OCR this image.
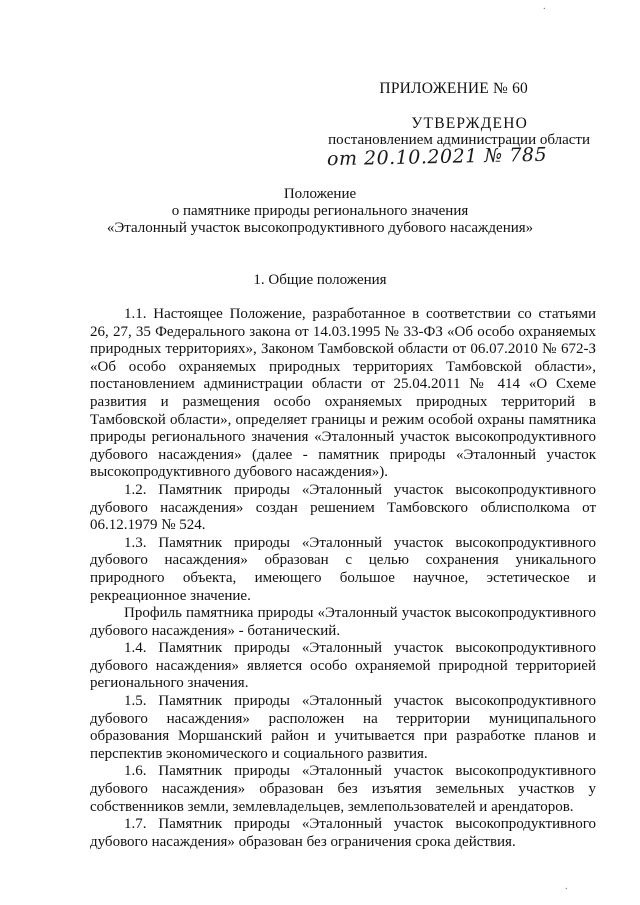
·
ПРИЛОЖЕНИЕ № 60
УТВЕРЖДЕНО
постановлением администрации области
от 20.10.2021 № 785
Положение
о памятнике природы регионального значения
«Эталонный участок высокопродуктивного дубового насаждения»
1. Общие положения

1.1. Настоящее Положение, разработанное в соответствии со статьями 26, 27, 35 Федерального закона от 14.03.1995 № 33-ФЗ «Об особо охраняемых природных территориях», Законом Тамбовской области от 06.07.2010 № 672-З «Об особо охраняемых природных территориях Тамбовской области», постановлением администрации области от 25.04.2011 № 414 «О Схеме развития и размещения особо охраняемых природных территорий в Тамбовской области», определяет границы и режим особой охраны памятника природы регионального значения «Эталонный участок высокопродуктивного дубового насаждения» (далее - памятник природы «Эталонный участок высокопродуктивного дубового насаждения»).

1.2. Памятник природы «Эталонный участок высокопродуктивного дубового насаждения» создан решением Тамбовского облисполкома от 06.12.1979 № 524.

1.3. Памятник природы «Эталонный участок высокопродуктивного дубового насаждения» образован с целью сохранения уникального природного объекта, имеющего большое научное, эстетическое и рекреационное значение.

Профиль памятника природы «Эталонный участок высокопродуктивного дубового насаждения» - ботанический.

1.4. Памятник природы «Эталонный участок высокопродуктивного дубового насаждения» является особо охраняемой природной территорией регионального значения.

1.5. Памятник природы «Эталонный участок высокопродуктивного дубового насаждения» расположен на территории муниципального образования Моршанский район и учитывается при разработке планов и перспектив экономического и социального развития.

1.6. Памятник природы «Эталонный участок высокопродуктивного дубового насаждения» образован без изъятия земельных участков у собственников земли, землевладельцев, землепользователей и арендаторов.

1.7. Памятник природы «Эталонный участок высокопродуктивного дубового насаждения» образован без ограничения срока действия.

·
